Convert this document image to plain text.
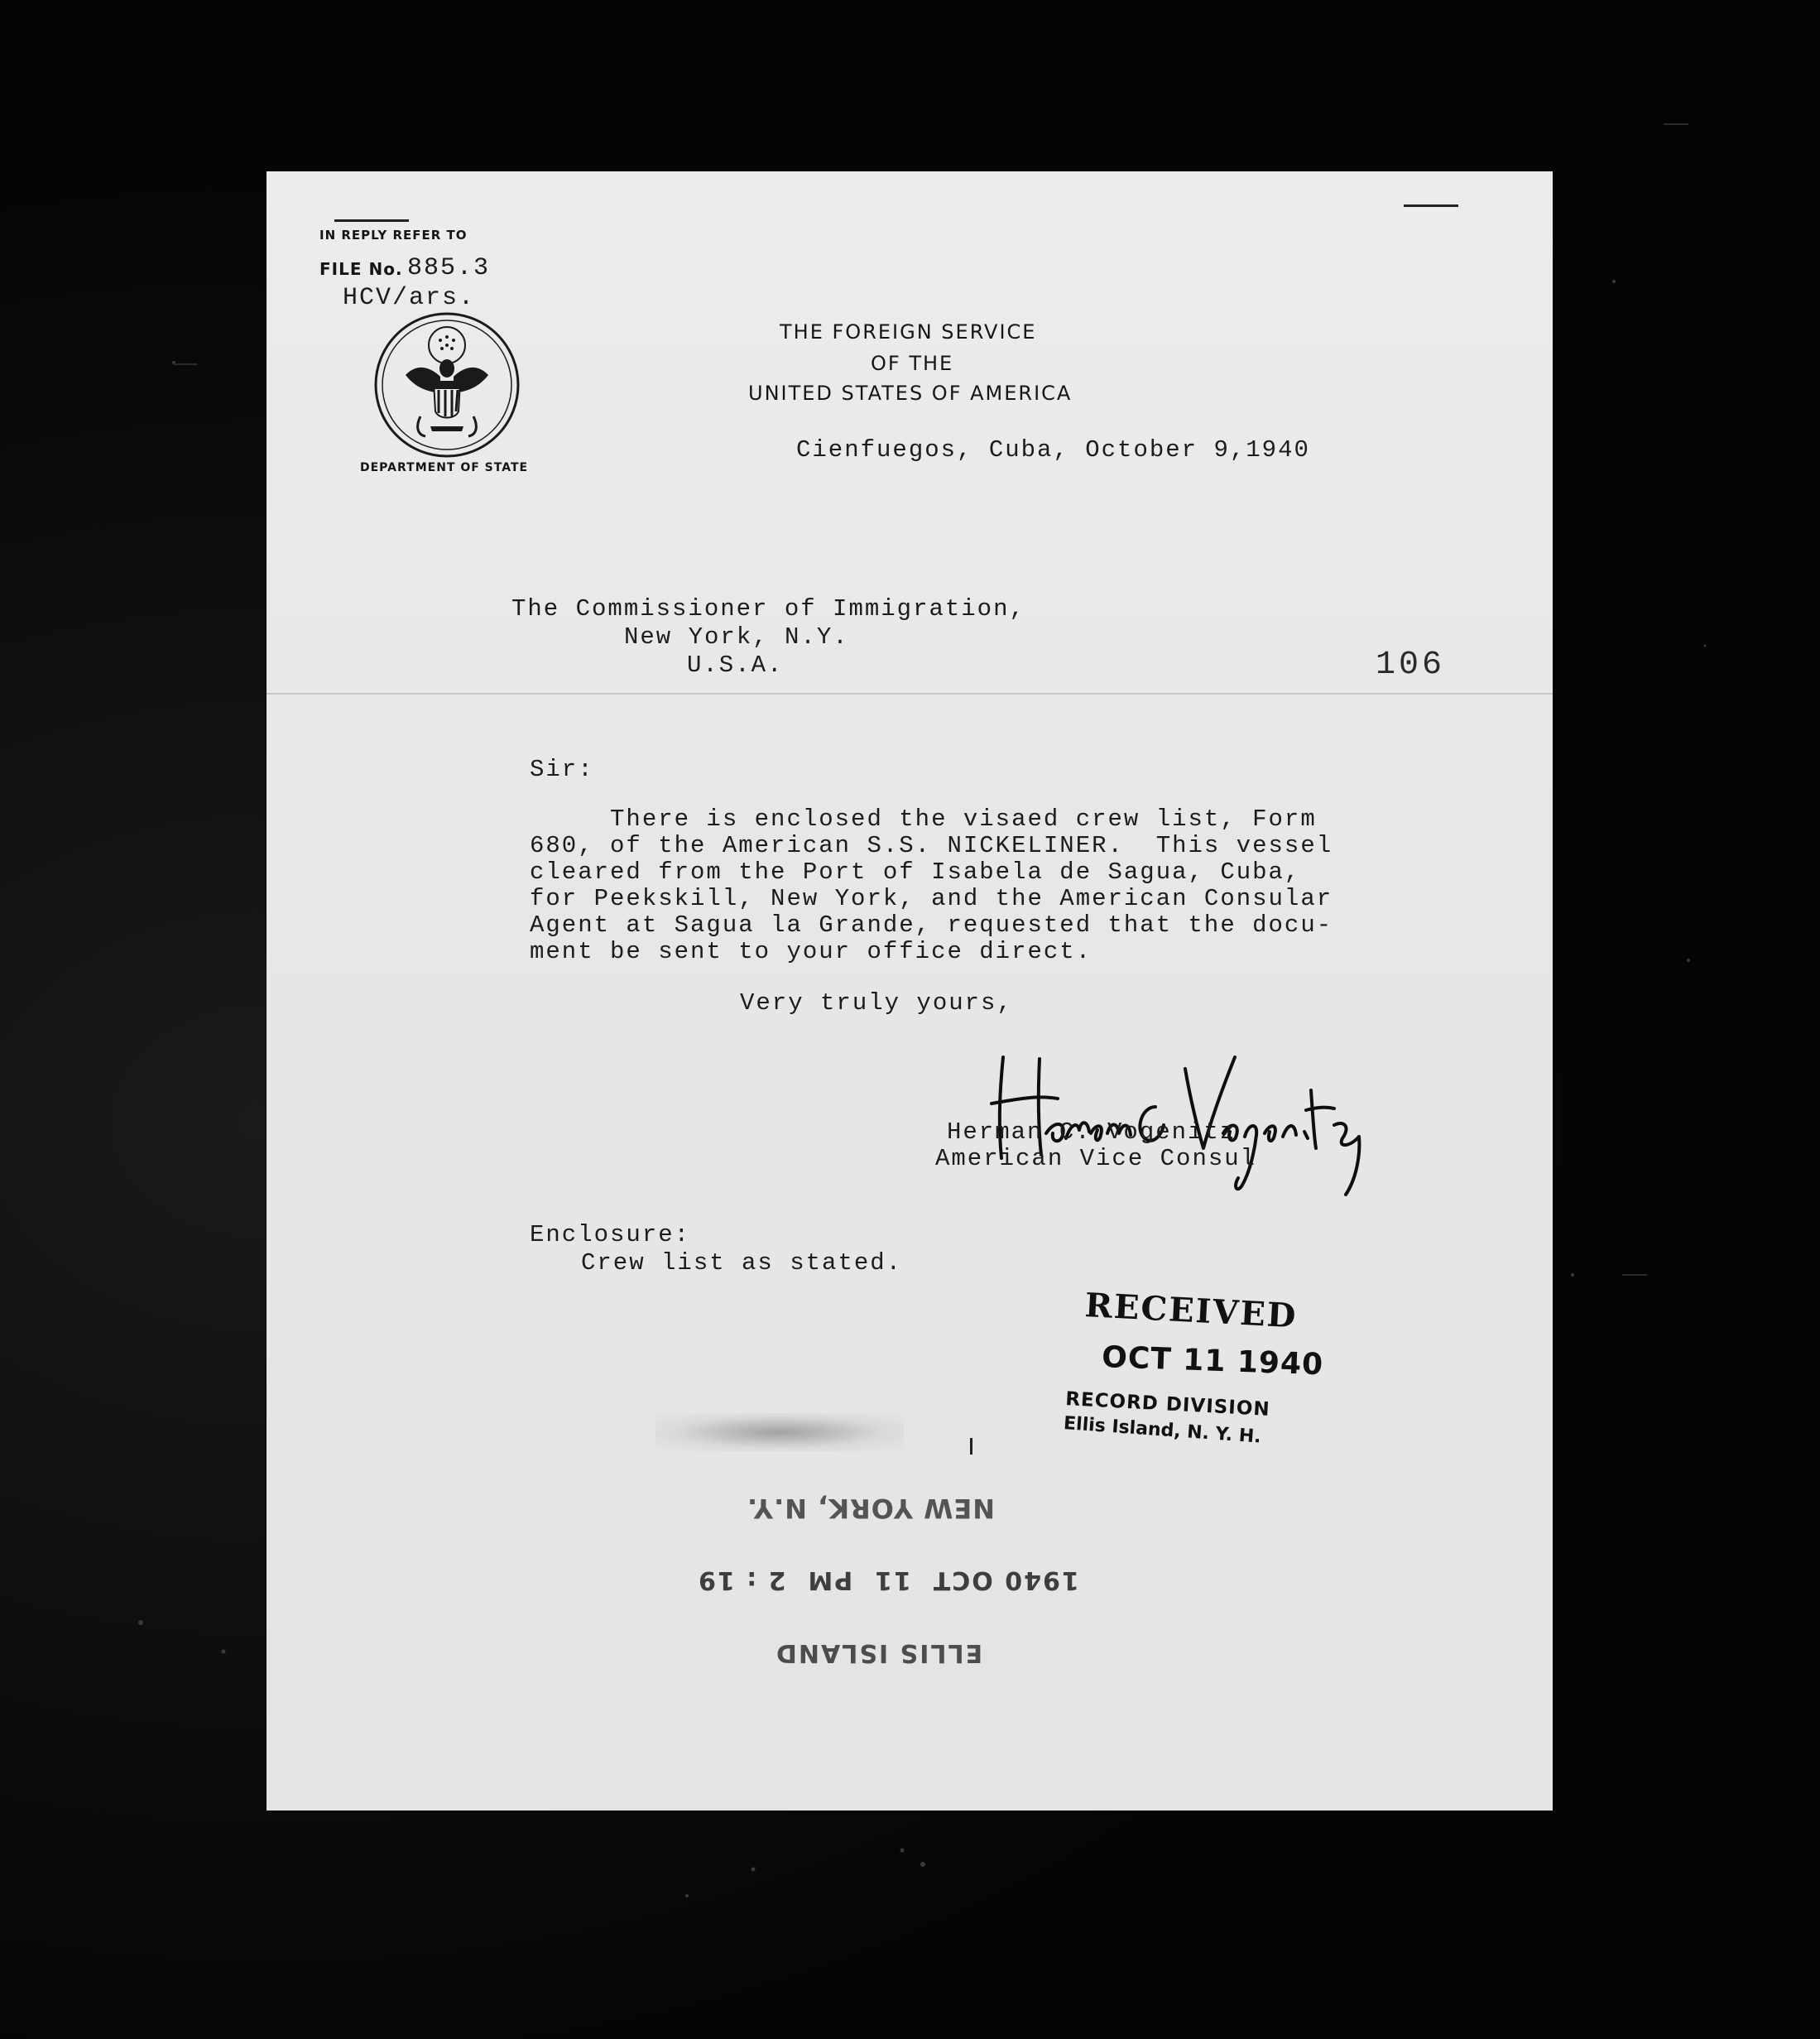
IN REPLY REFER TO
FILE No. 885.3
HCV/ars.
DEPARTMENT OF STATE
THE FOREIGN SERVICE
OF THE
UNITED STATES OF AMERICA
Cienfuegos, Cuba, October 9,1940
The Commissioner of Immigration,
New York, N.Y.
U.S.A.	106
Sir:
There is enclosed the visaed crew list, Form
680, of the American S.S. NICKELINER.  This vessel
cleared from the Port of Isabela de Sagua, Cuba,
for Peekskill, New York, and the American Consular
Agent at Sagua la Grande, requested that the docu-
ment be sent to your office direct.
Very truly yours,
Herman C. Vogenitz
American Vice Consul
Enclosure:
Crew list as stated.
RECEIVED
OCT 11 1940
RECORD DIVISION
Ellis Island, N. Y. H.
NEW YORK, N.Y.
1940 OCT  11  PM  2 : 19
ELLIS ISLAND
